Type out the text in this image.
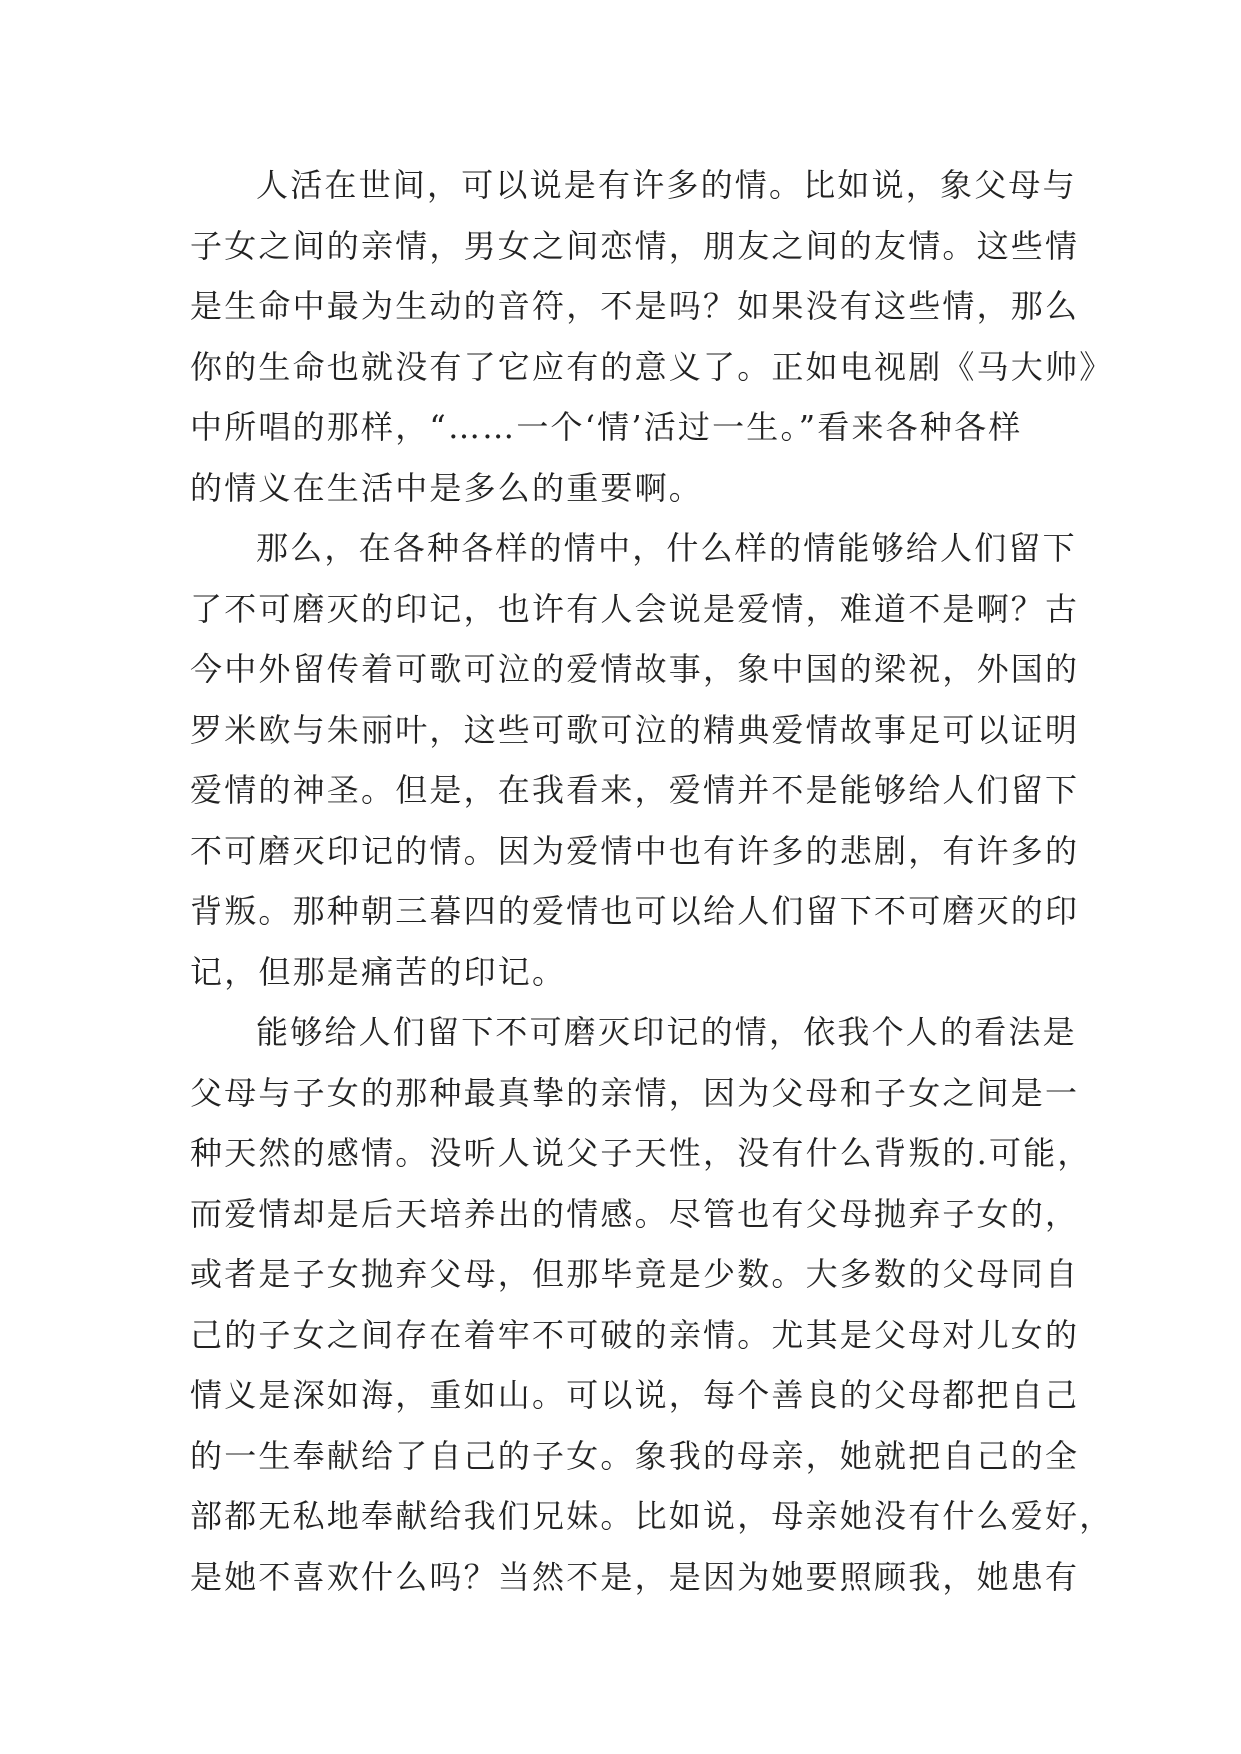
人活在世间，可以说是有许多的情。比如说，象父母与
子女之间的亲情，男女之间恋情，朋友之间的友情。这些情
是生命中最为生动的音符，不是吗？如果没有这些情，那么
你的生命也就没有了它应有的意义了。正如电视剧《马大帅》
中所唱的那样，“……一个‘情’活过一生。”看来各种各样
的情义在生活中是多么的重要啊。
那么，在各种各样的情中，什么样的情能够给人们留下
了不可磨灭的印记，也许有人会说是爱情，难道不是啊？古
今中外留传着可歌可泣的爱情故事，象中国的梁祝，外国的
罗米欧与朱丽叶，这些可歌可泣的精典爱情故事足可以证明
爱情的神圣。但是，在我看来，爱情并不是能够给人们留下
不可磨灭印记的情。因为爱情中也有许多的悲剧，有许多的
背叛。那种朝三暮四的爱情也可以给人们留下不可磨灭的印
记，但那是痛苦的印记。
能够给人们留下不可磨灭印记的情，依我个人的看法是
父母与子女的那种最真挚的亲情，因为父母和子女之间是一
种天然的感情。没听人说父子天性，没有什么背叛的.可能，
而爱情却是后天培养出的情感。尽管也有父母抛弃子女的，
或者是子女抛弃父母，但那毕竟是少数。大多数的父母同自
己的子女之间存在着牢不可破的亲情。尤其是父母对儿女的
情义是深如海，重如山。可以说，每个善良的父母都把自己
的一生奉献给了自己的子女。象我的母亲，她就把自己的全
部都无私地奉献给我们兄妹。比如说，母亲她没有什么爱好，
是她不喜欢什么吗？当然不是，是因为她要照顾我，她患有
